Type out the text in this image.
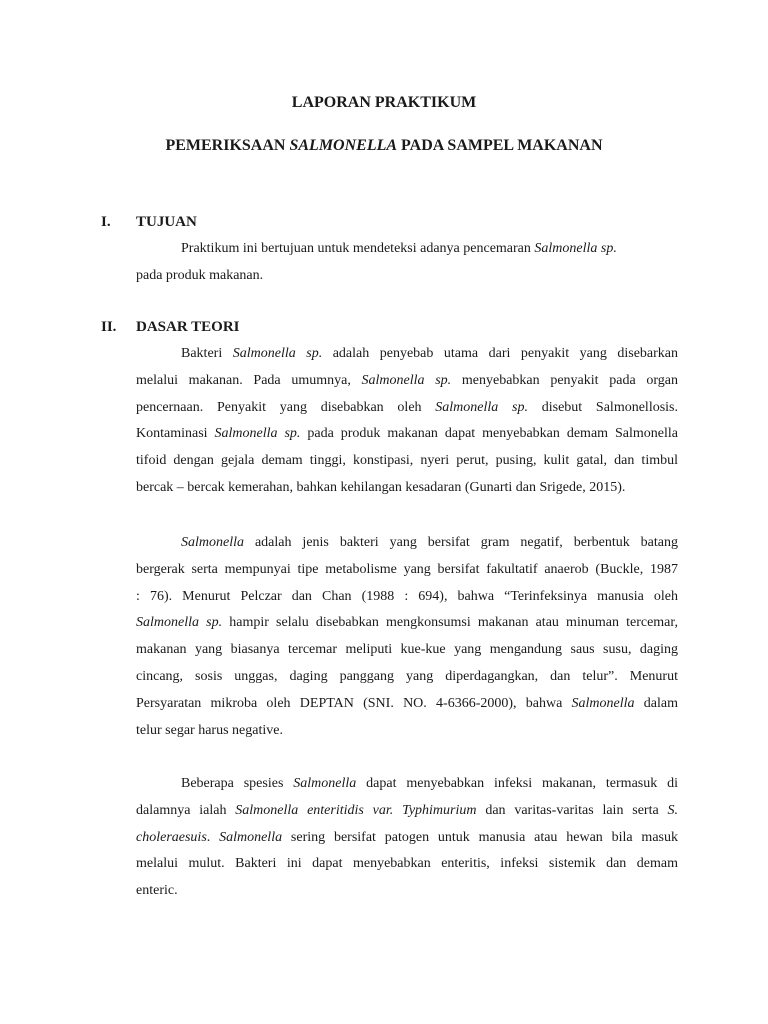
LAPORAN PRAKTIKUM
PEMERIKSAAN SALMONELLA PADA SAMPEL MAKANAN

I. TUJUAN

Praktikum ini bertujuan untuk mendeteksi adanya pencemaran Salmonella sp.
pada produk makanan.

II. DASAR TEORI

Bakteri Salmonella sp. adalah penyebab utama dari penyakit yang disebarkan
melalui makanan. Pada umumnya, Salmonella sp. menyebabkan penyakit pada organ
pencernaan. Penyakit yang disebabkan oleh Salmonella sp. disebut Salmonellosis.
Kontaminasi Salmonella sp. pada produk makanan dapat menyebabkan demam Salmonella
tifoid dengan gejala demam tinggi, konstipasi, nyeri perut, pusing, kulit gatal, dan timbul
bercak – bercak kemerahan, bahkan kehilangan kesadaran (Gunarti dan Srigede, 2015).
Salmonella adalah jenis bakteri yang bersifat gram negatif, berbentuk batang
bergerak serta mempunyai tipe metabolisme yang bersifat fakultatif anaerob (Buckle, 1987
: 76). Menurut Pelczar dan Chan (1988 : 694), bahwa “Terinfeksinya manusia oleh
Salmonella sp. hampir selalu disebabkan mengkonsumsi makanan atau minuman tercemar,
makanan yang biasanya tercemar meliputi kue-kue yang mengandung saus susu, daging
cincang, sosis unggas, daging panggang yang diperdagangkan, dan telur”. Menurut
Persyaratan mikroba oleh DEPTAN (SNI. NO. 4-6366-2000), bahwa Salmonella dalam
telur segar harus negative.
Beberapa spesies Salmonella dapat menyebabkan infeksi makanan, termasuk di
dalamnya ialah Salmonella enteritidis var. Typhimurium dan varitas-varitas lain serta S.
choleraesuis. Salmonella sering bersifat patogen untuk manusia atau hewan bila masuk
melalui mulut. Bakteri ini dapat menyebabkan enteritis, infeksi sistemik dan demam
enteric.
